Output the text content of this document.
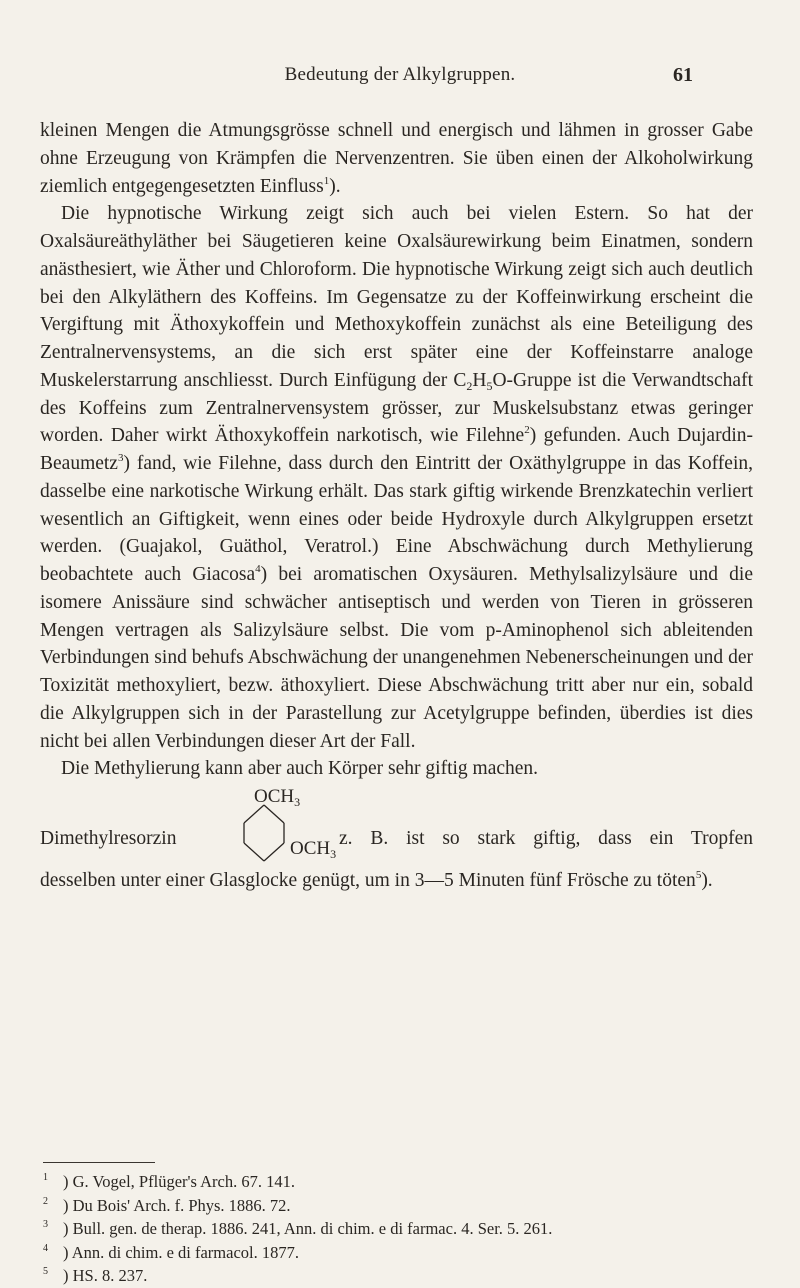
Bedeutung der Alkylgruppen.	61

kleinen Mengen die Atmungsgrösse schnell und energisch und lähmen in grosser Gabe ohne Erzeugung von Krämpfen die Nervenzentren. Sie üben einen der Alkoholwirkung ziemlich entgegengesetzten Einfluss$^1$).

Die hypnotische Wirkung zeigt sich auch bei vielen Estern. So hat der Oxalsäureäthyläther bei Säugetieren keine Oxalsäurewirkung beim Einatmen, sondern anästhesiert, wie Äther und Chloroform. Die hypnotische Wirkung zeigt sich auch deutlich bei den Alkyläthern des Koffeins. Im Gegensatze zu der Koffeinwirkung erscheint die Vergiftung mit Äthoxykoffein und Methoxykoffein zunächst als eine Beteiligung des Zentralnervensystems, an die sich erst später eine der Koffeinstarre analoge Muskelerstarrung anschliesst. Durch Einfügung der $C_2H_5O$-Gruppe ist die Verwandtschaft des Koffeins zum Zentralnervensystem grösser, zur Muskelsubstanz etwas geringer worden. Daher wirkt Äthoxykoffein narkotisch, wie Filehne$^2$) gefunden. Auch Dujardin-Beaumetz$^3$) fand, wie Filehne, dass durch den Eintritt der Oxäthylgruppe in das Koffein, dasselbe eine narkotische Wirkung erhält. Das stark giftig wirkende Brenzkatechin verliert wesentlich an Giftigkeit, wenn eines oder beide Hydroxyle durch Alkylgruppen ersetzt werden. (Guajakol, Guäthol, Veratrol.) Eine Abschwächung durch Methylierung beobachtete auch Giacosa$^4$) bei aromatischen Oxysäuren. Methylsalizylsäure und die isomere Anissäure sind schwächer antiseptisch und werden von Tieren in grösseren Mengen vertragen als Salizylsäure selbst. Die vom p-Aminophenol sich ableitenden Verbindungen sind behufs Abschwächung der unangenehmen Nebenerscheinungen und der Toxizität methoxyliert, bezw. äthoxyliert. Diese Abschwächung tritt aber nur ein, sobald die Alkylgruppen sich in der Parastellung zur Acetylgruppe befinden, überdies ist dies nicht bei allen Verbindungen dieser Art der Fall.

Die Methylierung kann aber auch Körper sehr giftig machen.

$OCH_3$
Dimethylresorzin	$OCH_3$
z. B. ist so stark giftig, dass ein Tropfen

desselben unter einer Glasglocke genügt, um in 3—5 Minuten fünf Frösche zu töten$^5$).

$^1$ ) G. Vogel, Pflüger's Arch. 67. 141.

$^2$ ) Du Bois' Arch. f. Phys. 1886. 72.

$^3$ ) Bull. gen. de therap. 1886. 241, Ann. di chim. e di farmac. 4. Ser. 5. 261.

$^4$ ) Ann. di chim. e di farmacol. 1877.

$^5$ ) HS. 8. 237.
